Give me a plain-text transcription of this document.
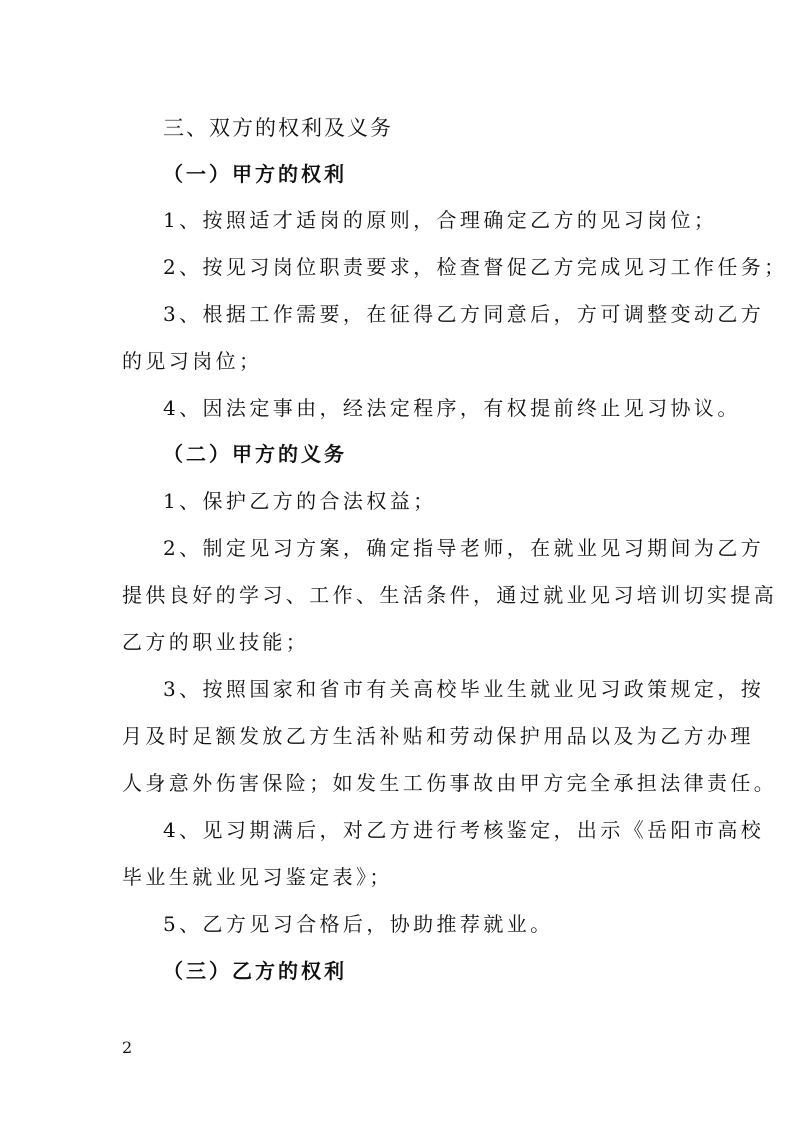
三、双方的权利及义务
（一）甲方的权利
1、按照适才适岗的原则，合理确定乙方的见习岗位；
2、按见习岗位职责要求，检查督促乙方完成见习工作任务；
3、根据工作需要，在征得乙方同意后，方可调整变动乙方
的见习岗位；
4、因法定事由，经法定程序，有权提前终止见习协议。
（二）甲方的义务
1、保护乙方的合法权益；
2、制定见习方案，确定指导老师，在就业见习期间为乙方
提供良好的学习、工作、生活条件，通过就业见习培训切实提高
乙方的职业技能；
3、按照国家和省市有关高校毕业生就业见习政策规定，按
月及时足额发放乙方生活补贴和劳动保护用品以及为乙方办理
人身意外伤害保险；如发生工伤事故由甲方完全承担法律责任。
4、见习期满后，对乙方进行考核鉴定，出示《岳阳市高校
毕业生就业见习鉴定表》；
5、乙方见习合格后，协助推荐就业。
（三）乙方的权利
2
